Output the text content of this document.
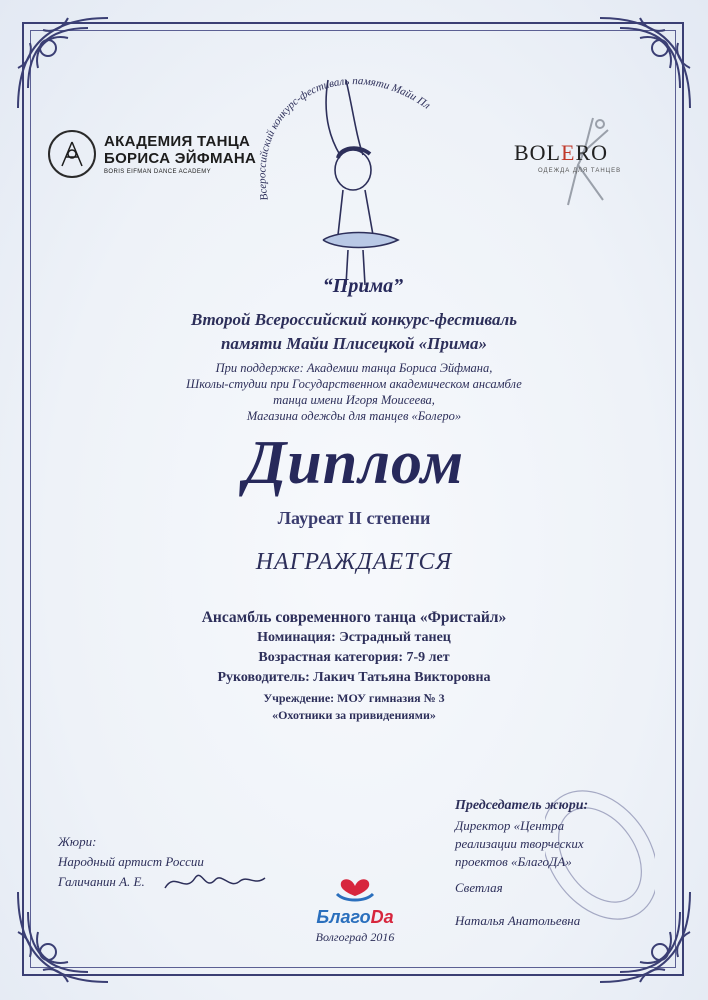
АКАДЕМИЯ ТАНЦА
БОРИСА ЭЙФМАНА
BORIS EIFMAN DANCE ACADEMY
BOLERO
ОДЕЖДА ДЛЯ ТАНЦЕВ
Всероссийский конкурс-фестиваль памяти Майи Пл
“Прима”
Второй Всероссийский конкурс-фестиваль
памяти Майи Плисецкой «Прима»
При поддержке: Академии танца Бориса Эйфмана,
Школы-студии при Государственном академическом ансамбле
танца имени Игоря Моисеева,
Магазина одежды для танцев «Болеро»
Диплом
Лауреат II степени
НАГРАЖДАЕТСЯ
Ансамбль современного танца «Фристайл»
Номинация: Эстрадный танец
Возрастная категория: 7-9 лет
Руководитель: Лакич Татьяна Викторовна
Учреждение: МОУ гимназия № 3
«Охотники за привидениями»
Жюри:
Народный артист России
Галичанин А. Е.
Председатель жюри:
Директор «Центра
реализации творческих
проектов «БлагоДА»
Светлая
Наталья Анатольевна
БлагоDa
Волгоград 2016
